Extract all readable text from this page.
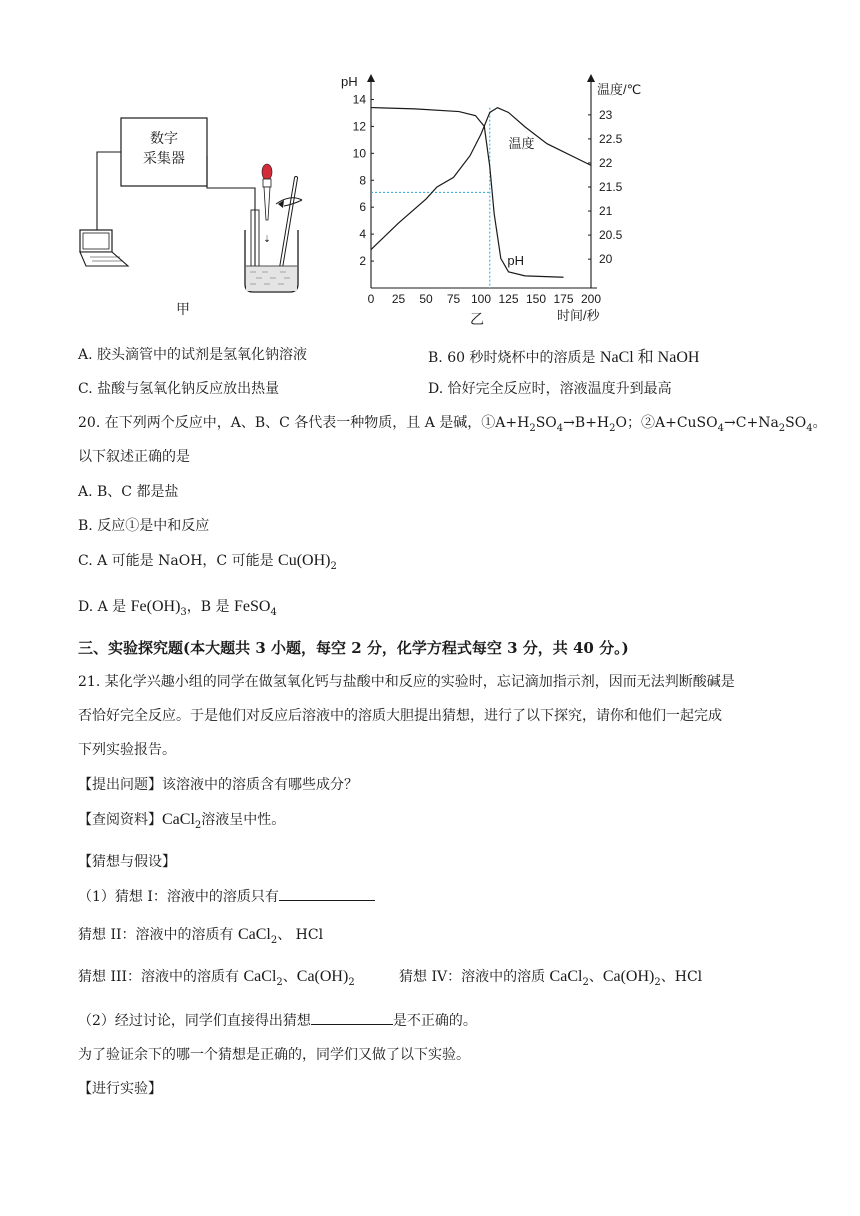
数字
采集器
⇣
甲
pH
温度/℃
时间/秒
乙
0 25 50 75 100 125 150 175 200
2
4
6
8
10
12
14
20
20.5
21
21.5
22
22.5
23
温度
pH
A. 胶头滴管中的试剂是氢氧化钠溶液	B. 60 秒时烧杯中的溶质是 NaCl 和 NaOH
C. 盐酸与氢氧化钠反应放出热量	D. 恰好完全反应时，溶液温度升到最高
20. 在下列两个反应中，A、B、C 各代表一种物质，且 A 是碱，$①A+H_2SO_4\to B+H_2O$；$②A+CuSO_4\to C+Na_2SO_4$。
以下叙述正确的是
A. B、C 都是盐
B. 反应①是中和反应
C. A 可能是 NaOH，C 可能是 $Cu(OH)_2$
D. A 是 $Fe(OH)_3$，B 是 FeSO$_4$
三、实验探究题(本大题共 3 小题，每空 2 分，化学方程式每空 3 分，共 40 分。)
21. 某化学兴趣小组的同学在做氢氧化钙与盐酸中和反应的实验时，忘记滴加指示剂，因而无法判断酸碱是
否恰好完全反应。于是他们对反应后溶液中的溶质大胆提出猜想，进行了以下探究，请你和他们一起完成
下列实验报告。
【提出问题】该溶液中的溶质含有哪些成分？
【查阅资料】CaCl$_2$溶液呈中性。
【猜想与假设】
（1）猜想 I：溶液中的溶质只有
猜想 II：溶液中的溶质有 CaCl$_2$、 HCl
猜想 III：溶液中的溶质有 CaCl$_2$、$Ca(OH)_2$	猜想 IV：溶液中的溶质 CaCl$_2$、$Ca(OH)_2$、HCl
（2）经过讨论，同学们直接得出猜想	是不正确的。
为了验证余下的哪一个猜想是正确的，同学们又做了以下实验。
【进行实验】
